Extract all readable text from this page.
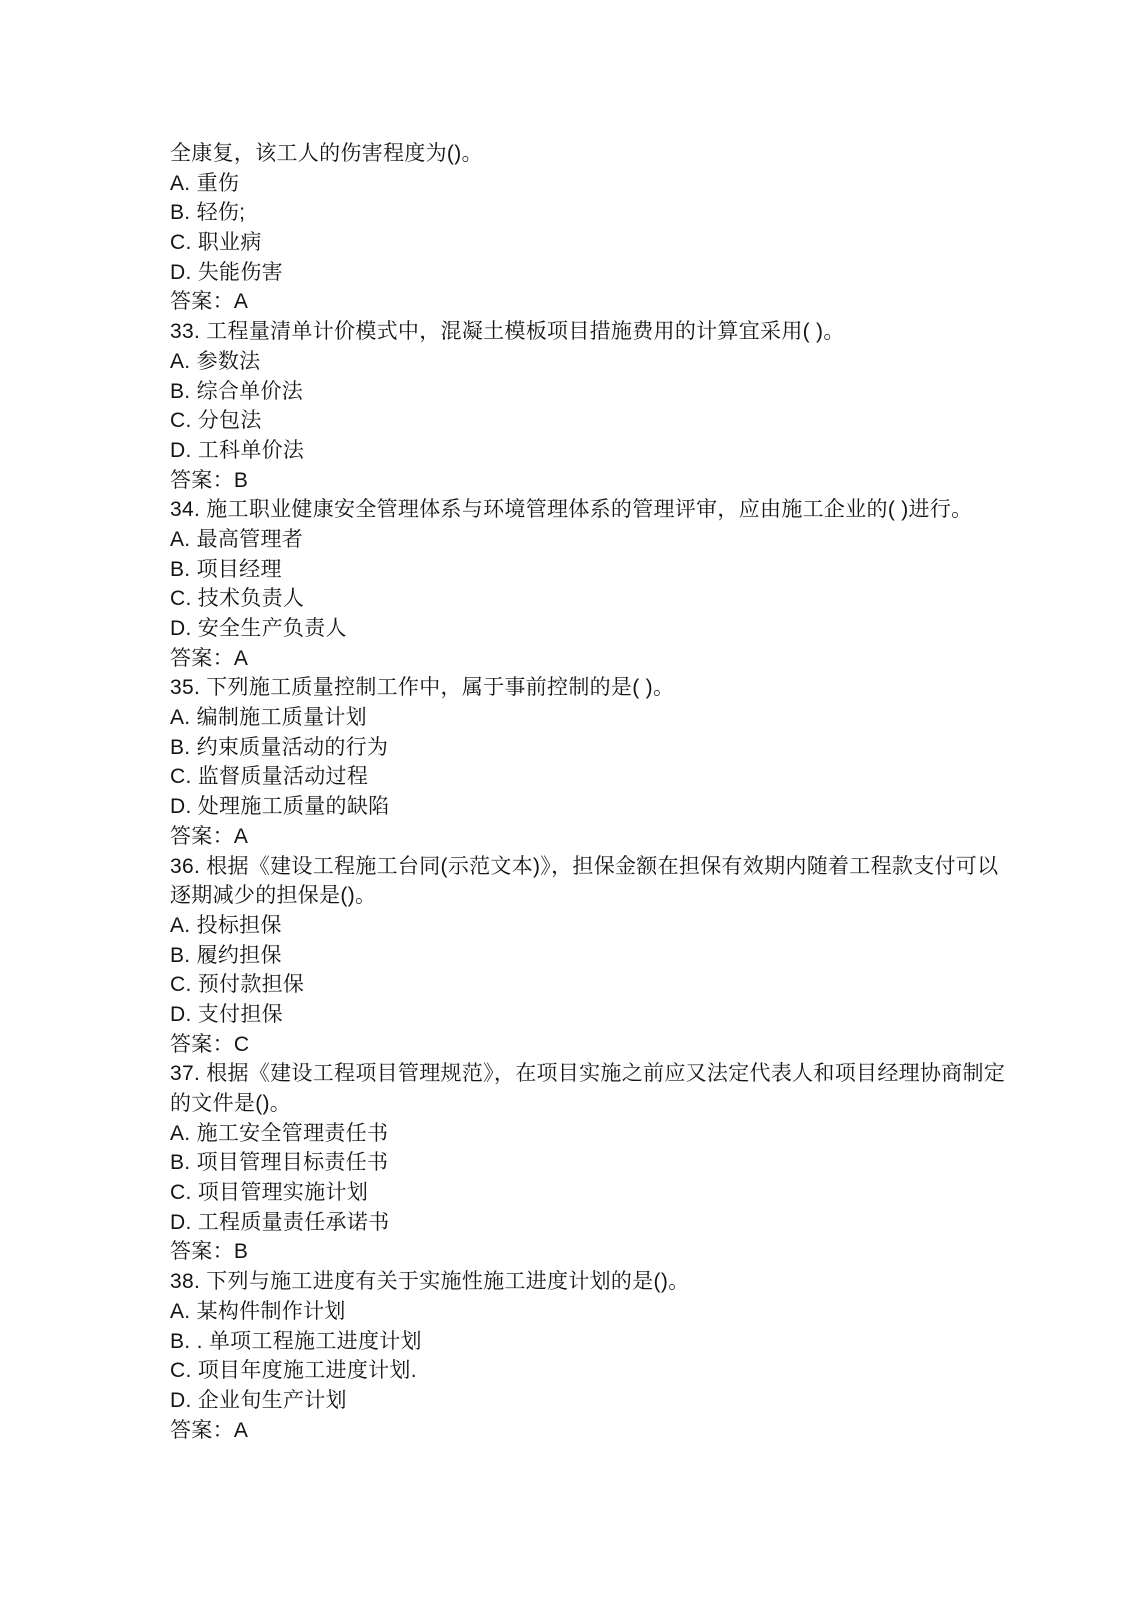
全康复，该工人的伤害程度为()。
A. 重伤
B. 轻伤;
C. 职业病
D. 失能伤害
答案：A
33. 工程量清单计价模式中，混凝土模板项目措施费用的计算宜采用( )。
A. 参数法
B. 综合单价法
C. 分包法
D. 工科单价法
答案：B
34. 施工职业健康安全管理体系与环境管理体系的管理评审，应由施工企业的( )进行。
A. 最高管理者
B. 项目经理
C. 技术负责人
D. 安全生产负责人
答案：A
35. 下列施工质量控制工作中，属于事前控制的是( )。
A. 编制施工质量计划
B. 约束质量活动的行为
C. 监督质量活动过程
D. 处理施工质量的缺陷
答案：A
36. 根据《建设工程施工台同(示范文本)》，担保金额在担保有效期内随着工程款支付可以
逐期减少的担保是()。
A. 投标担保
B. 履约担保
C. 预付款担保
D. 支付担保
答案：C
37. 根据《建设工程项目管理规范》，在项目实施之前应又法定代表人和项目经理协商制定
的文件是()。
A. 施工安全管理责任书
B. 项目管理目标责任书
C. 项目管理实施计划
D. 工程质量责任承诺书
答案：B
38. 下列与施工进度有关于实施性施工进度计划的是()。
A. 某构件制作计划
B. . 单项工程施工进度计划
C. 项目年度施工进度计划.
D. 企业旬生产计划
答案：A
